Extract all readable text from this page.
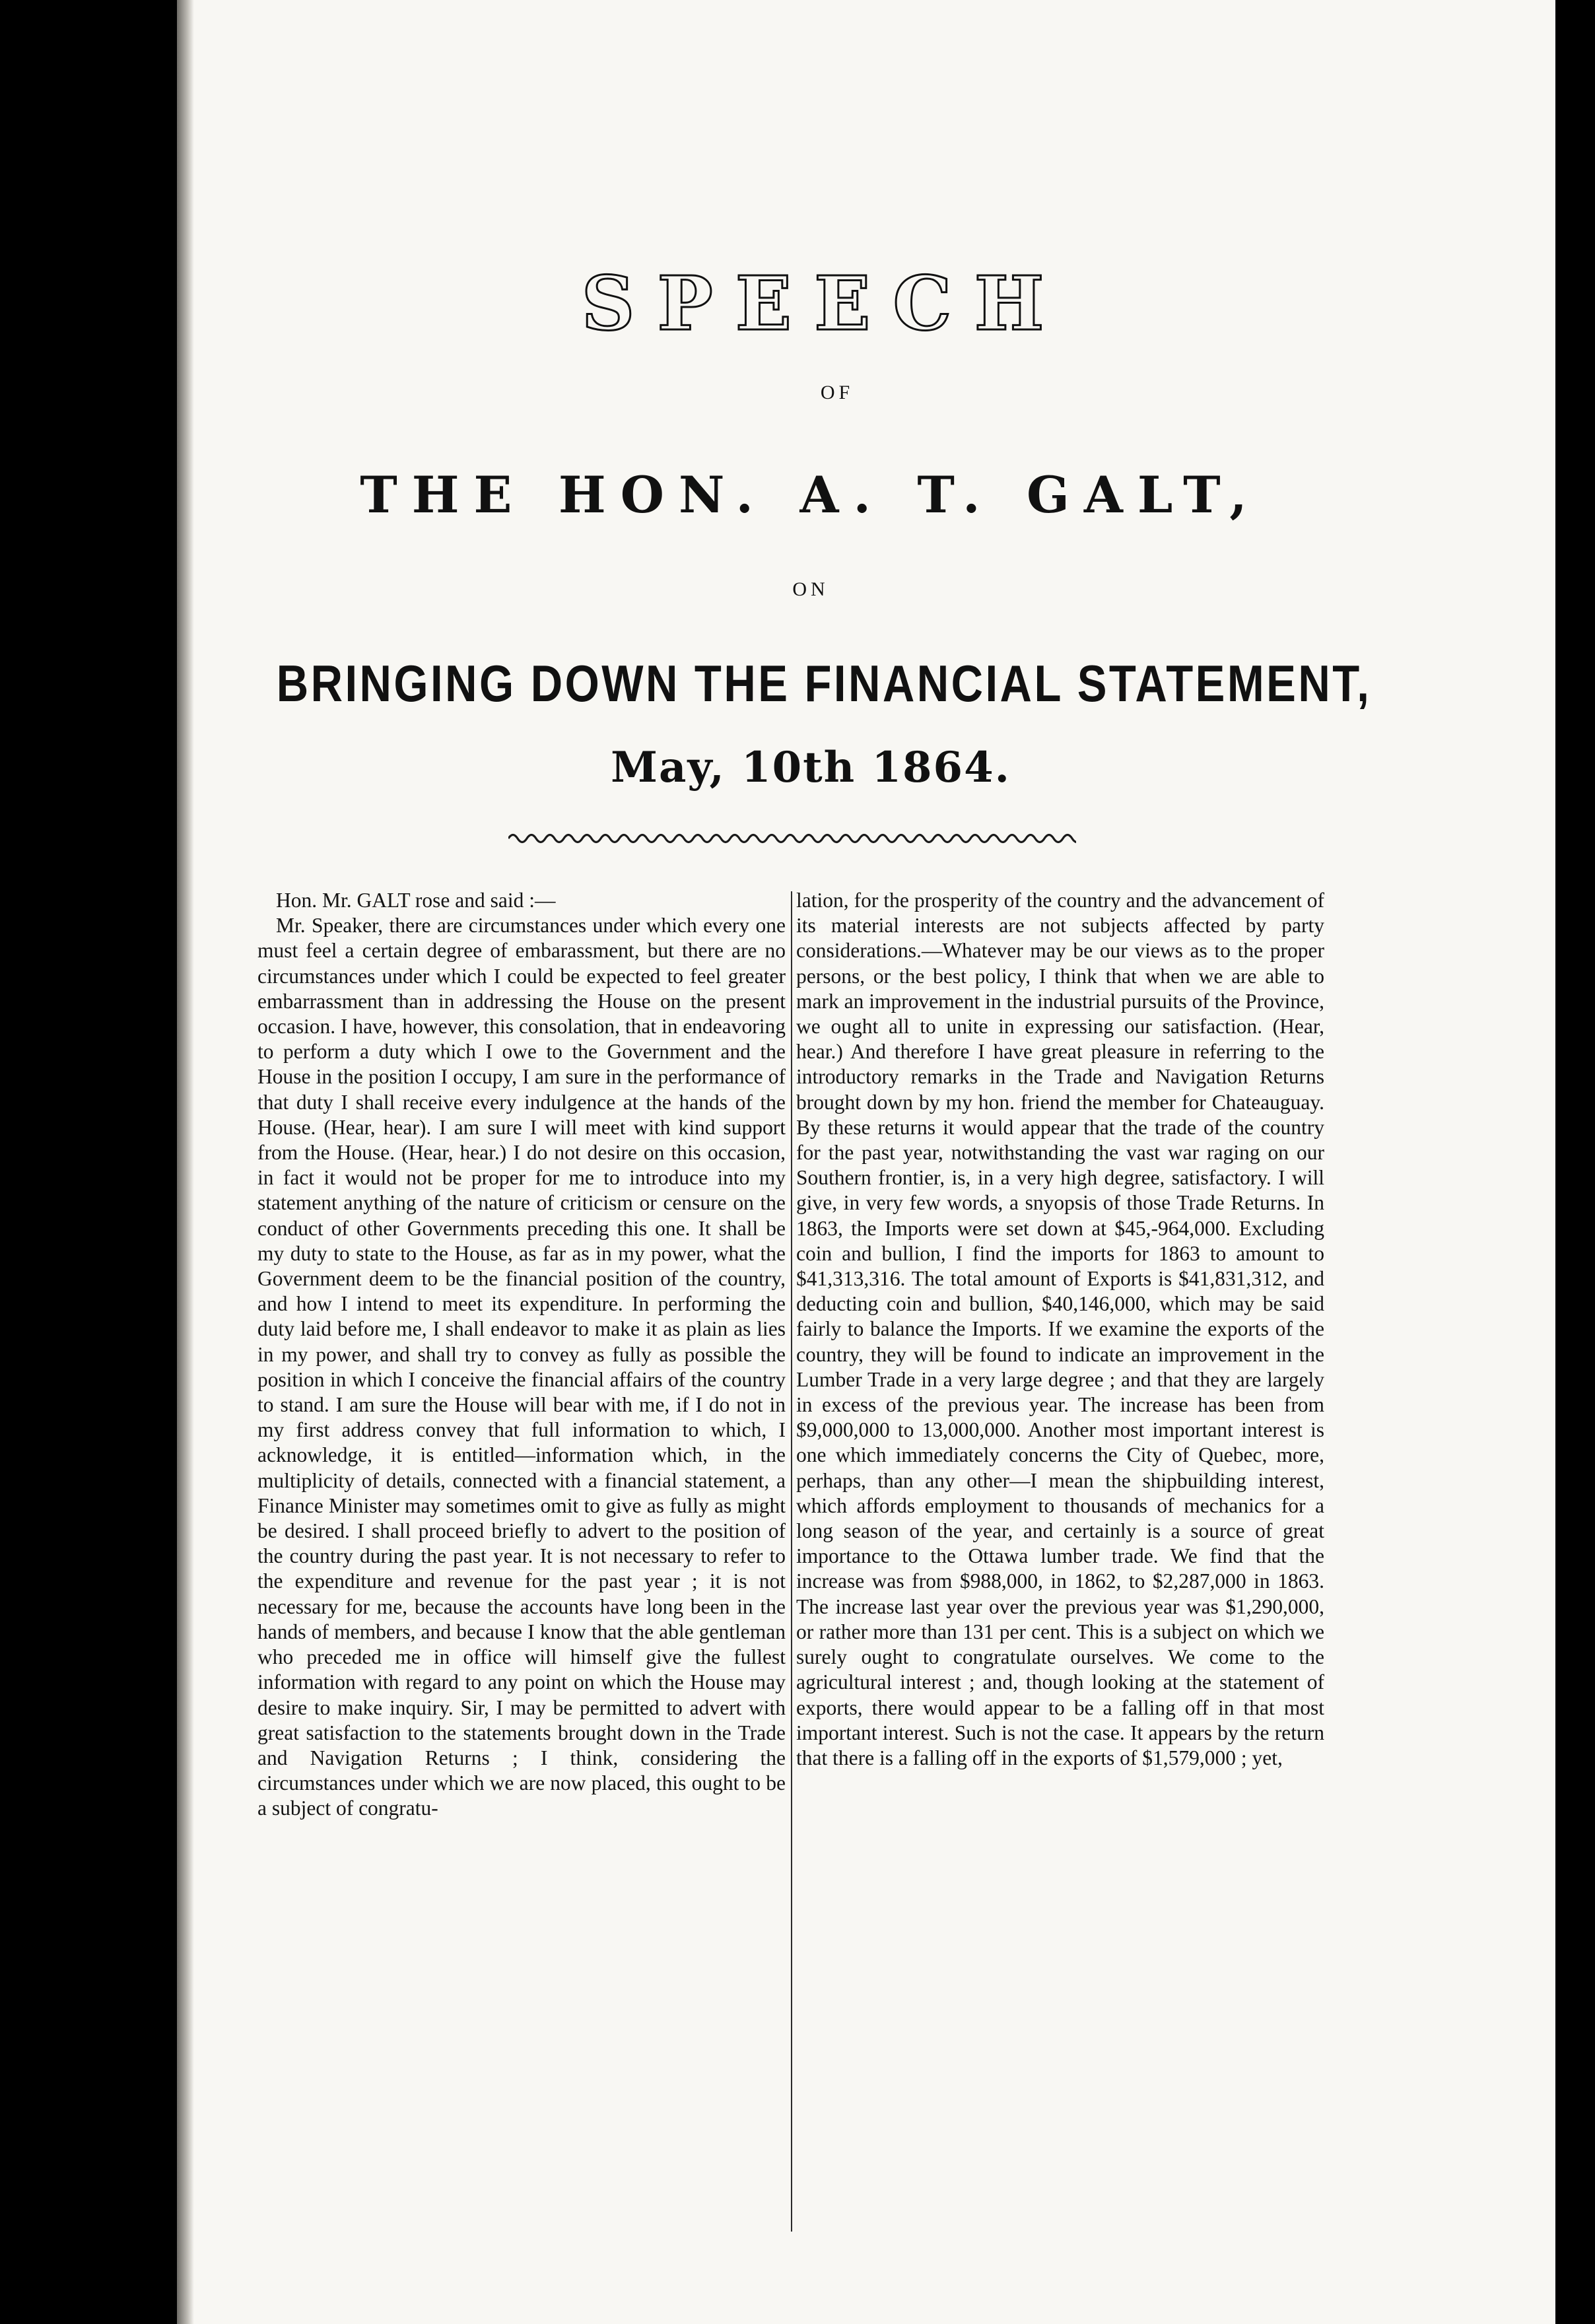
SPEECH
OF
THE HON. A. T. GALT,
ON
BRINGING DOWN THE FINANCIAL STATEMENT,
May, 10th 1864.

Hon. Mr. GALT rose and said :—

Mr. Speaker, there are circumstances under which every one must feel a certain degree of embarassment, but there are no circumstances under which I could be expected to feel greater embarrassment than in addressing the House on the present occasion. I have, however, this consolation, that in endeavoring to perform a duty which I owe to the Government and the House in the position I occupy, I am sure in the performance of that duty I shall receive every indulgence at the hands of the House. (Hear, hear). I am sure I will meet with kind support from the House. (Hear, hear.) I do not desire on this occasion, in fact it would not be proper for me to introduce into my statement anything of the nature of criticism or censure on the conduct of other Governments preceding this one. It shall be my duty to state to the House, as far as in my power, what the Government deem to be the financial position of the country, and how I intend to meet its expenditure. In performing the duty laid before me, I shall endeavor to make it as plain as lies in my power, and shall try to convey as fully as possible the position in which I conceive the financial affairs of the country to stand. I am sure the House will bear with me, if I do not in my first address convey that full information to which, I acknowledge, it is entitled—information which, in the multiplicity of details, connected with a financial statement, a Finance Minister may sometimes omit to give as fully as might be desired. I shall proceed briefly to advert to the position of the country during the past year. It is not necessary to refer to the expenditure and revenue for the past year ; it is not necessary for me, because the accounts have long been in the hands of members, and because I know that the able gentleman who preceded me in office will himself give the fullest information with regard to any point on which the House may desire to make inquiry. Sir, I may be permitted to advert with great satisfaction to the statements brought down in the Trade and Navigation Returns ; I think, considering the circumstances under which we are now placed, this ought to be a subject of congratu-

lation, for the prosperity of the country and the advancement of its material interests are not subjects affected by party considerations.—Whatever may be our views as to the proper persons, or the best policy, I think that when we are able to mark an improvement in the industrial pursuits of the Province, we ought all to unite in expressing our satisfaction. (Hear, hear.) And therefore I have great pleasure in referring to the introductory remarks in the Trade and Navigation Returns brought down by my hon. friend the member for Chateauguay. By these returns it would appear that the trade of the country for the past year, notwithstanding the vast war raging on our Southern frontier, is, in a very high degree, satisfactory. I will give, in very few words, a snyopsis of those Trade Returns. In 1863, the Imports were set down at $45,-964,000. Excluding coin and bullion, I find the imports for 1863 to amount to $41,313,316. The total amount of Exports is $41,831,312, and deducting coin and bullion, $40,146,000, which may be said fairly to balance the Imports. If we examine the exports of the country, they will be found to indicate an improvement in the Lumber Trade in a very large degree ; and that they are largely in excess of the previous year. The increase has been from $9,000,000 to 13,000,000. Another most important interest is one which immediately concerns the City of Quebec, more, perhaps, than any other—I mean the shipbuilding interest, which affords employment to thousands of mechanics for a long season of the year, and certainly is a source of great importance to the Ottawa lumber trade. We find that the increase was from $988,000, in 1862, to $2,287,000 in 1863. The increase last year over the previous year was $1,290,000, or rather more than 131 per cent. This is a subject on which we surely ought to congratulate ourselves. We come to the agricultural interest ; and, though looking at the statement of exports, there would appear to be a falling off in that most important interest. Such is not the case. It appears by the return that there is a falling off in the exports of $1,579,000 ; yet,
